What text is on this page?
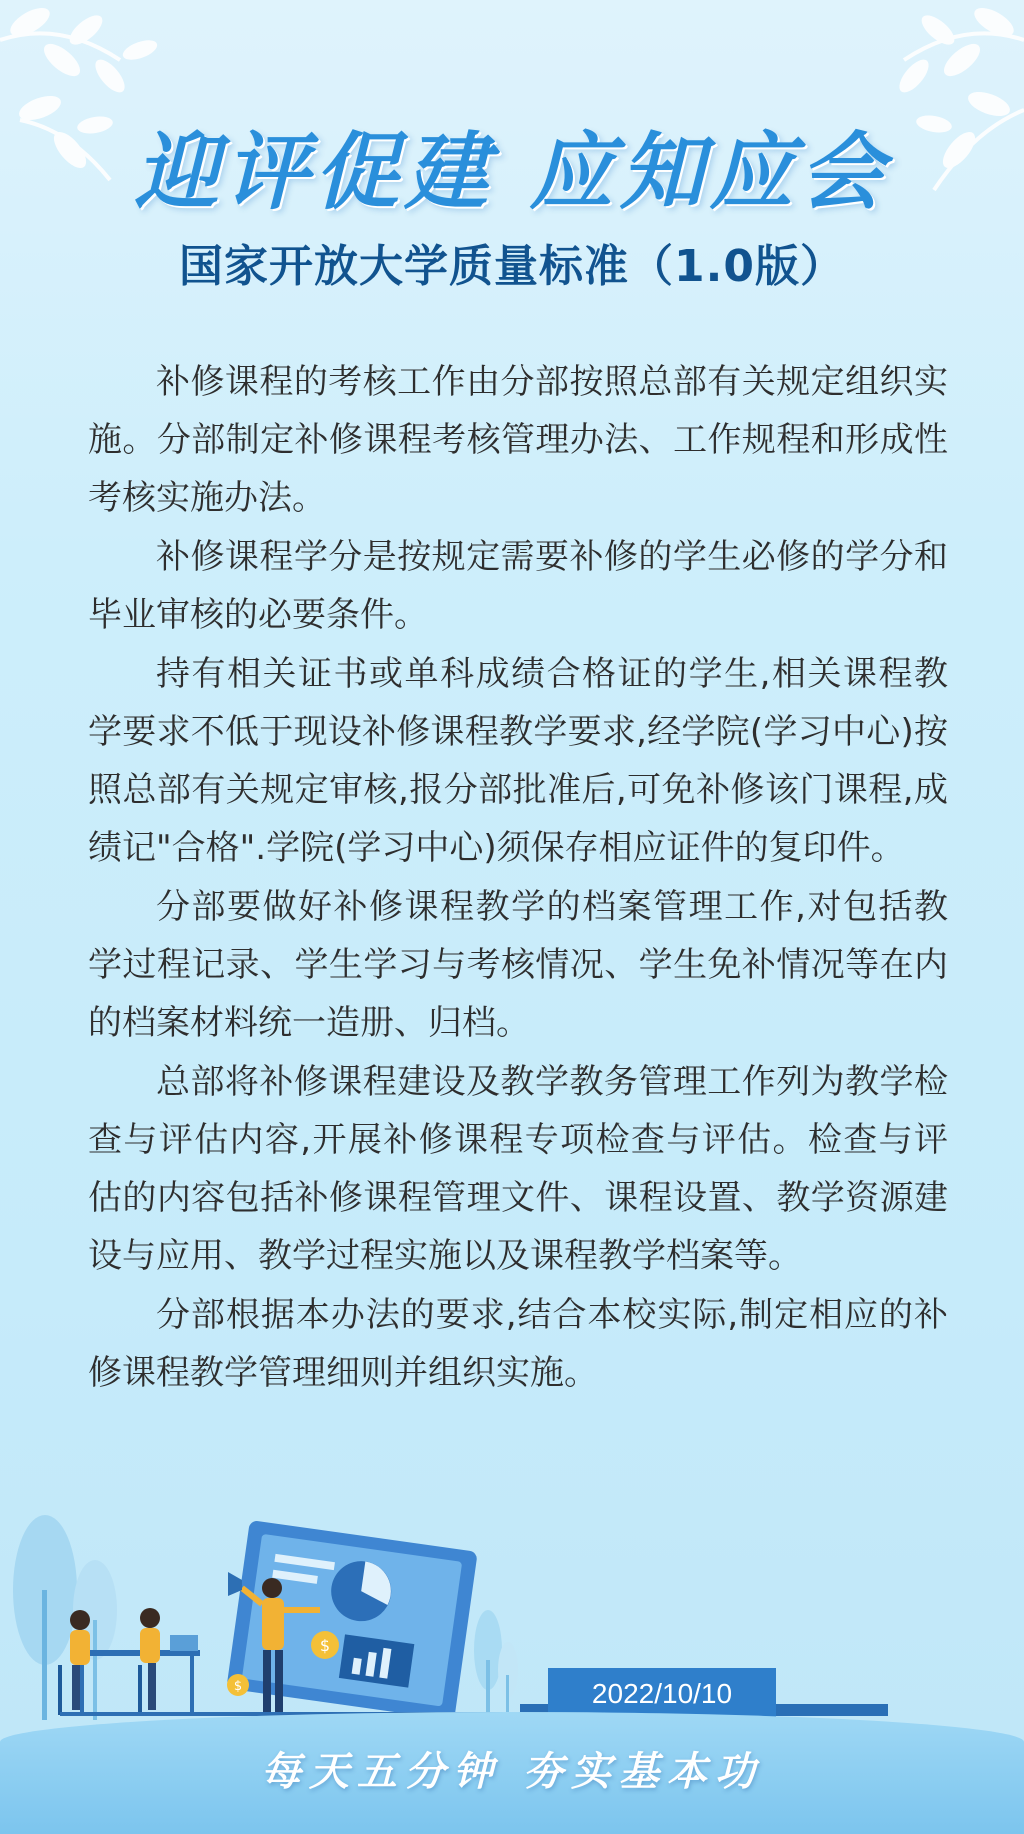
迎评促建 应知应会
国家开放大学质量标准（1.0版）

补修课程的考核工作由分部按照总部有关规定组织实施。分部制定补修课程考核管理办法、工作规程和形成性考核实施办法。

补修课程学分是按规定需要补修的学生必修的学分和毕业审核的必要条件。

持有相关证书或单科成绩合格证的学生,相关课程教学要求不低于现设补修课程教学要求,经学院(学习中心)按照总部有关规定审核,报分部批准后,可免补修该门课程,成绩记"合格".学院(学习中心)须保存相应证件的复印件。

分部要做好补修课程教学的档案管理工作,对包括教学过程记录、学生学习与考核情况、学生免补情况等在内的档案材料统一造册、归档。

总部将补修课程建设及教学教务管理工作列为教学检查与评估内容,开展补修课程专项检查与评估。检查与评估的内容包括补修课程管理文件、课程设置、教学资源建设与应用、教学过程实施以及课程教学档案等。

分部根据本办法的要求,结合本校实际,制定相应的补修课程教学管理细则并组织实施。

$
$	2022/10/10
每天五分钟 夯实基本功
